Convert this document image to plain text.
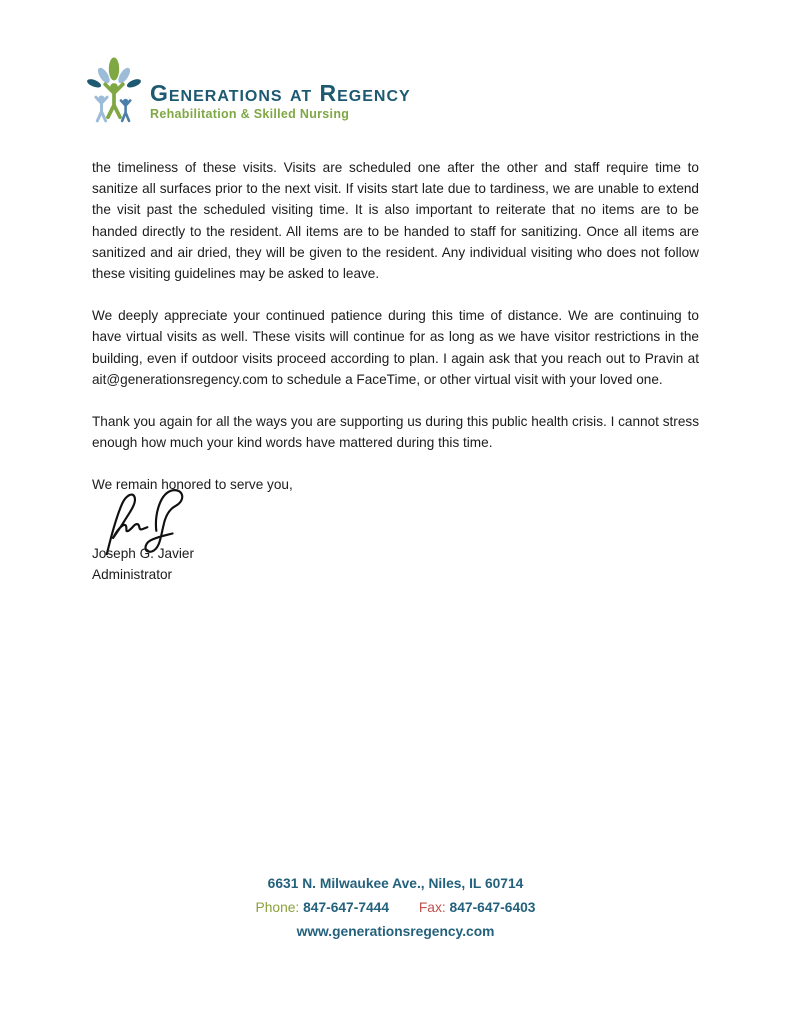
Generations at Regency
Rehabilitation & Skilled Nursing

the timeliness of these visits. Visits are scheduled one after the other and staff require time to sanitize all surfaces prior to the next visit. If visits start late due to tardiness, we are unable to extend the visit past the scheduled visiting time. It is also important to reiterate that no items are to be handed directly to the resident. All items are to be handed to staff for sanitizing. Once all items are sanitized and air dried, they will be given to the resident. Any individual visiting who does not follow these visiting guidelines may be asked to leave.

We deeply appreciate your continued patience during this time of distance. We are continuing to have virtual visits as well. These visits will continue for as long as we have visitor restrictions in the building, even if outdoor visits proceed according to plan. I again ask that you reach out to Pravin at ait@generationsregency.com to schedule a FaceTime, or other virtual visit with your loved one.

Thank you again for all the ways you are supporting us during this public health crisis. I cannot stress enough how much your kind words have mattered during this time.

We remain honored to serve you,

Joseph G. Javier
Administrator
6631 N. Milwaukee Ave., Niles, IL 60714
Phone: 847-647-7444 Fax: 847-647-6403
www.generationsregency.com
